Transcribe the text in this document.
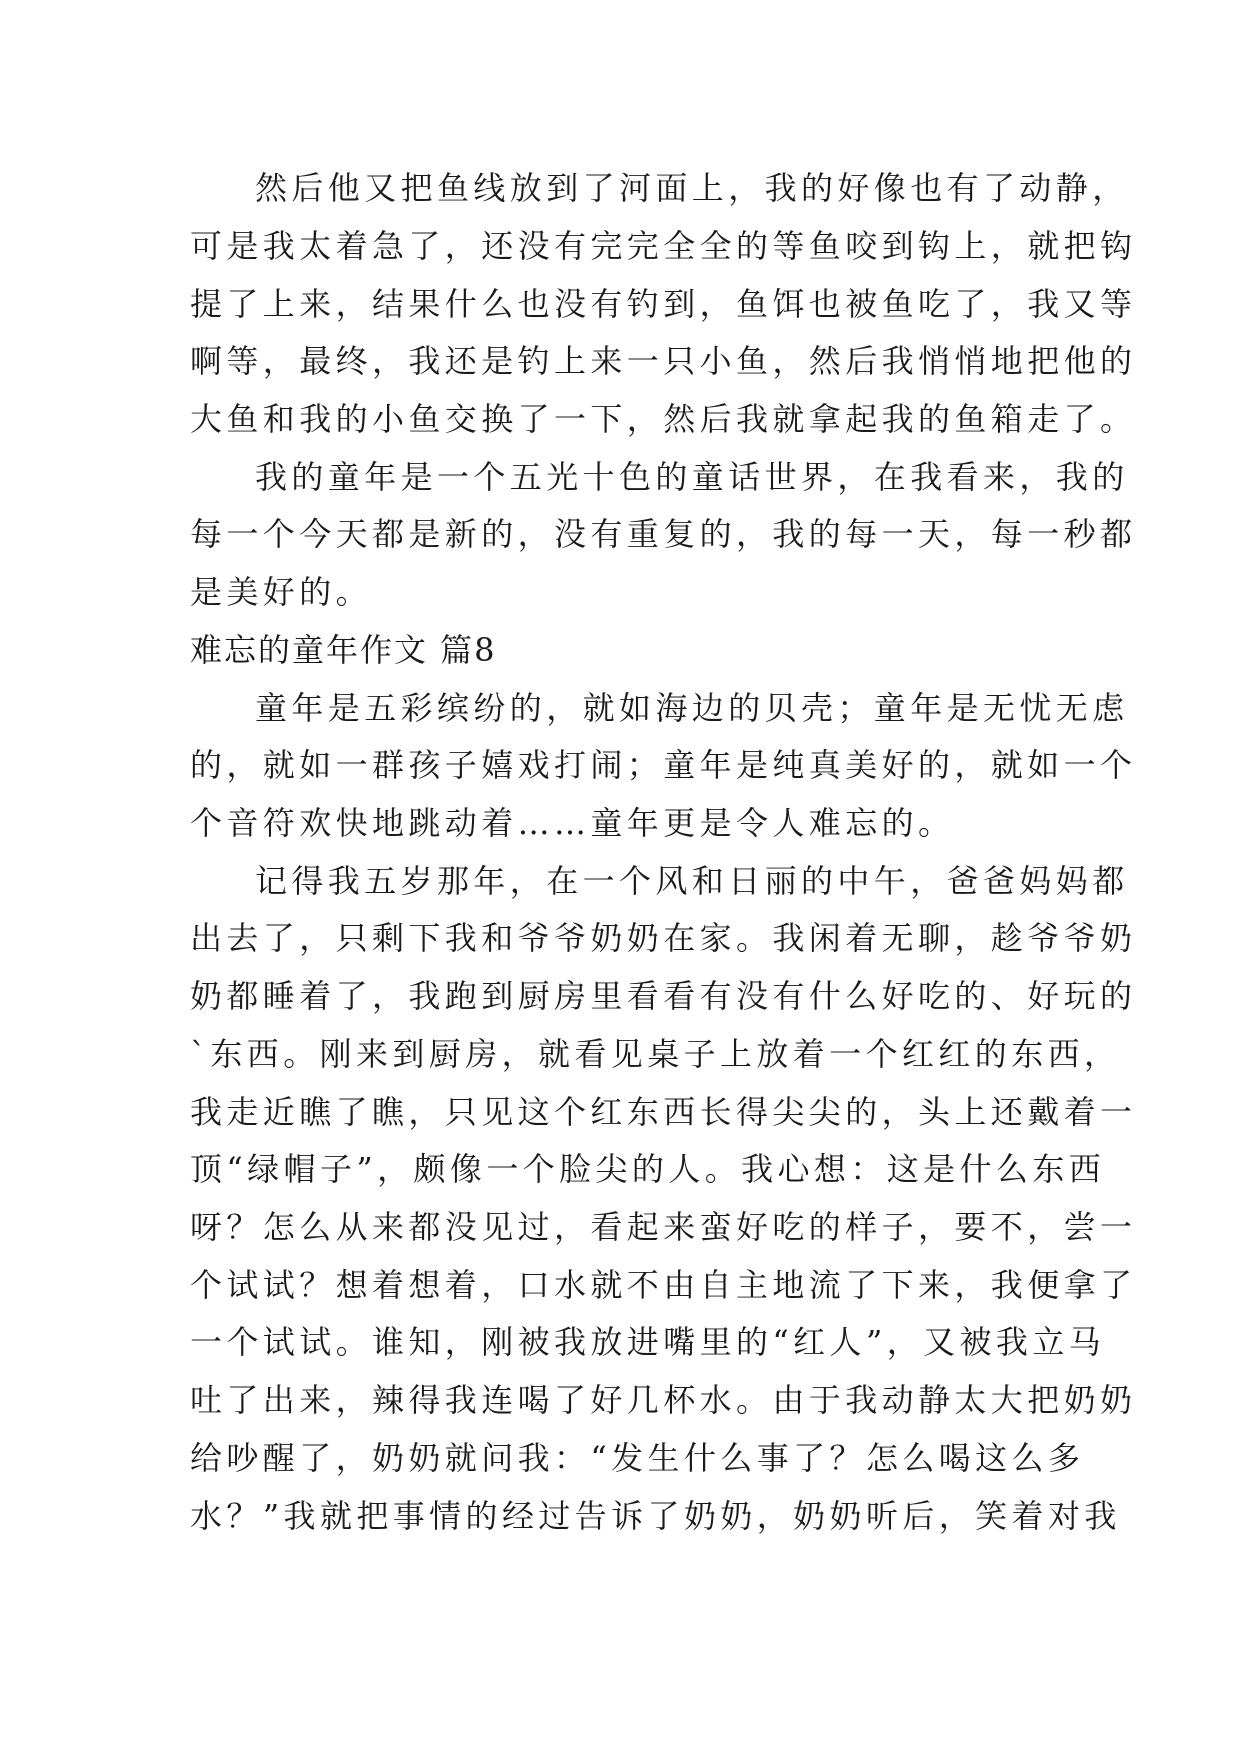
然后他又把鱼线放到了河面上，我的好像也有了动静，
可是我太着急了，还没有完完全全的等鱼咬到钩上，就把钩
提了上来，结果什么也没有钓到，鱼饵也被鱼吃了，我又等
啊等，最终，我还是钓上来一只小鱼，然后我悄悄地把他的
大鱼和我的小鱼交换了一下，然后我就拿起我的鱼箱走了。
我的童年是一个五光十色的童话世界，在我看来，我的
每一个今天都是新的，没有重复的，我的每一天，每一秒都
是美好的。
难忘的童年作文 篇8
童年是五彩缤纷的，就如海边的贝壳；童年是无忧无虑
的，就如一群孩子嬉戏打闹；童年是纯真美好的，就如一个
个音符欢快地跳动着……童年更是令人难忘的。
记得我五岁那年，在一个风和日丽的中午，爸爸妈妈都
出去了，只剩下我和爷爷奶奶在家。我闲着无聊，趁爷爷奶
奶都睡着了，我跑到厨房里看看有没有什么好吃的、好玩的
`东西。刚来到厨房，就看见桌子上放着一个红红的东西，
我走近瞧了瞧，只见这个红东西长得尖尖的，头上还戴着一
顶“绿帽子”，颇像一个脸尖的人。我心想：这是什么东西
呀？怎么从来都没见过，看起来蛮好吃的样子，要不，尝一
个试试？想着想着，口水就不由自主地流了下来，我便拿了
一个试试。谁知，刚被我放进嘴里的“红人”，又被我立马
吐了出来，辣得我连喝了好几杯水。由于我动静太大把奶奶
给吵醒了，奶奶就问我：“发生什么事了？怎么喝这么多
水？”我就把事情的经过告诉了奶奶，奶奶听后，笑着对我
